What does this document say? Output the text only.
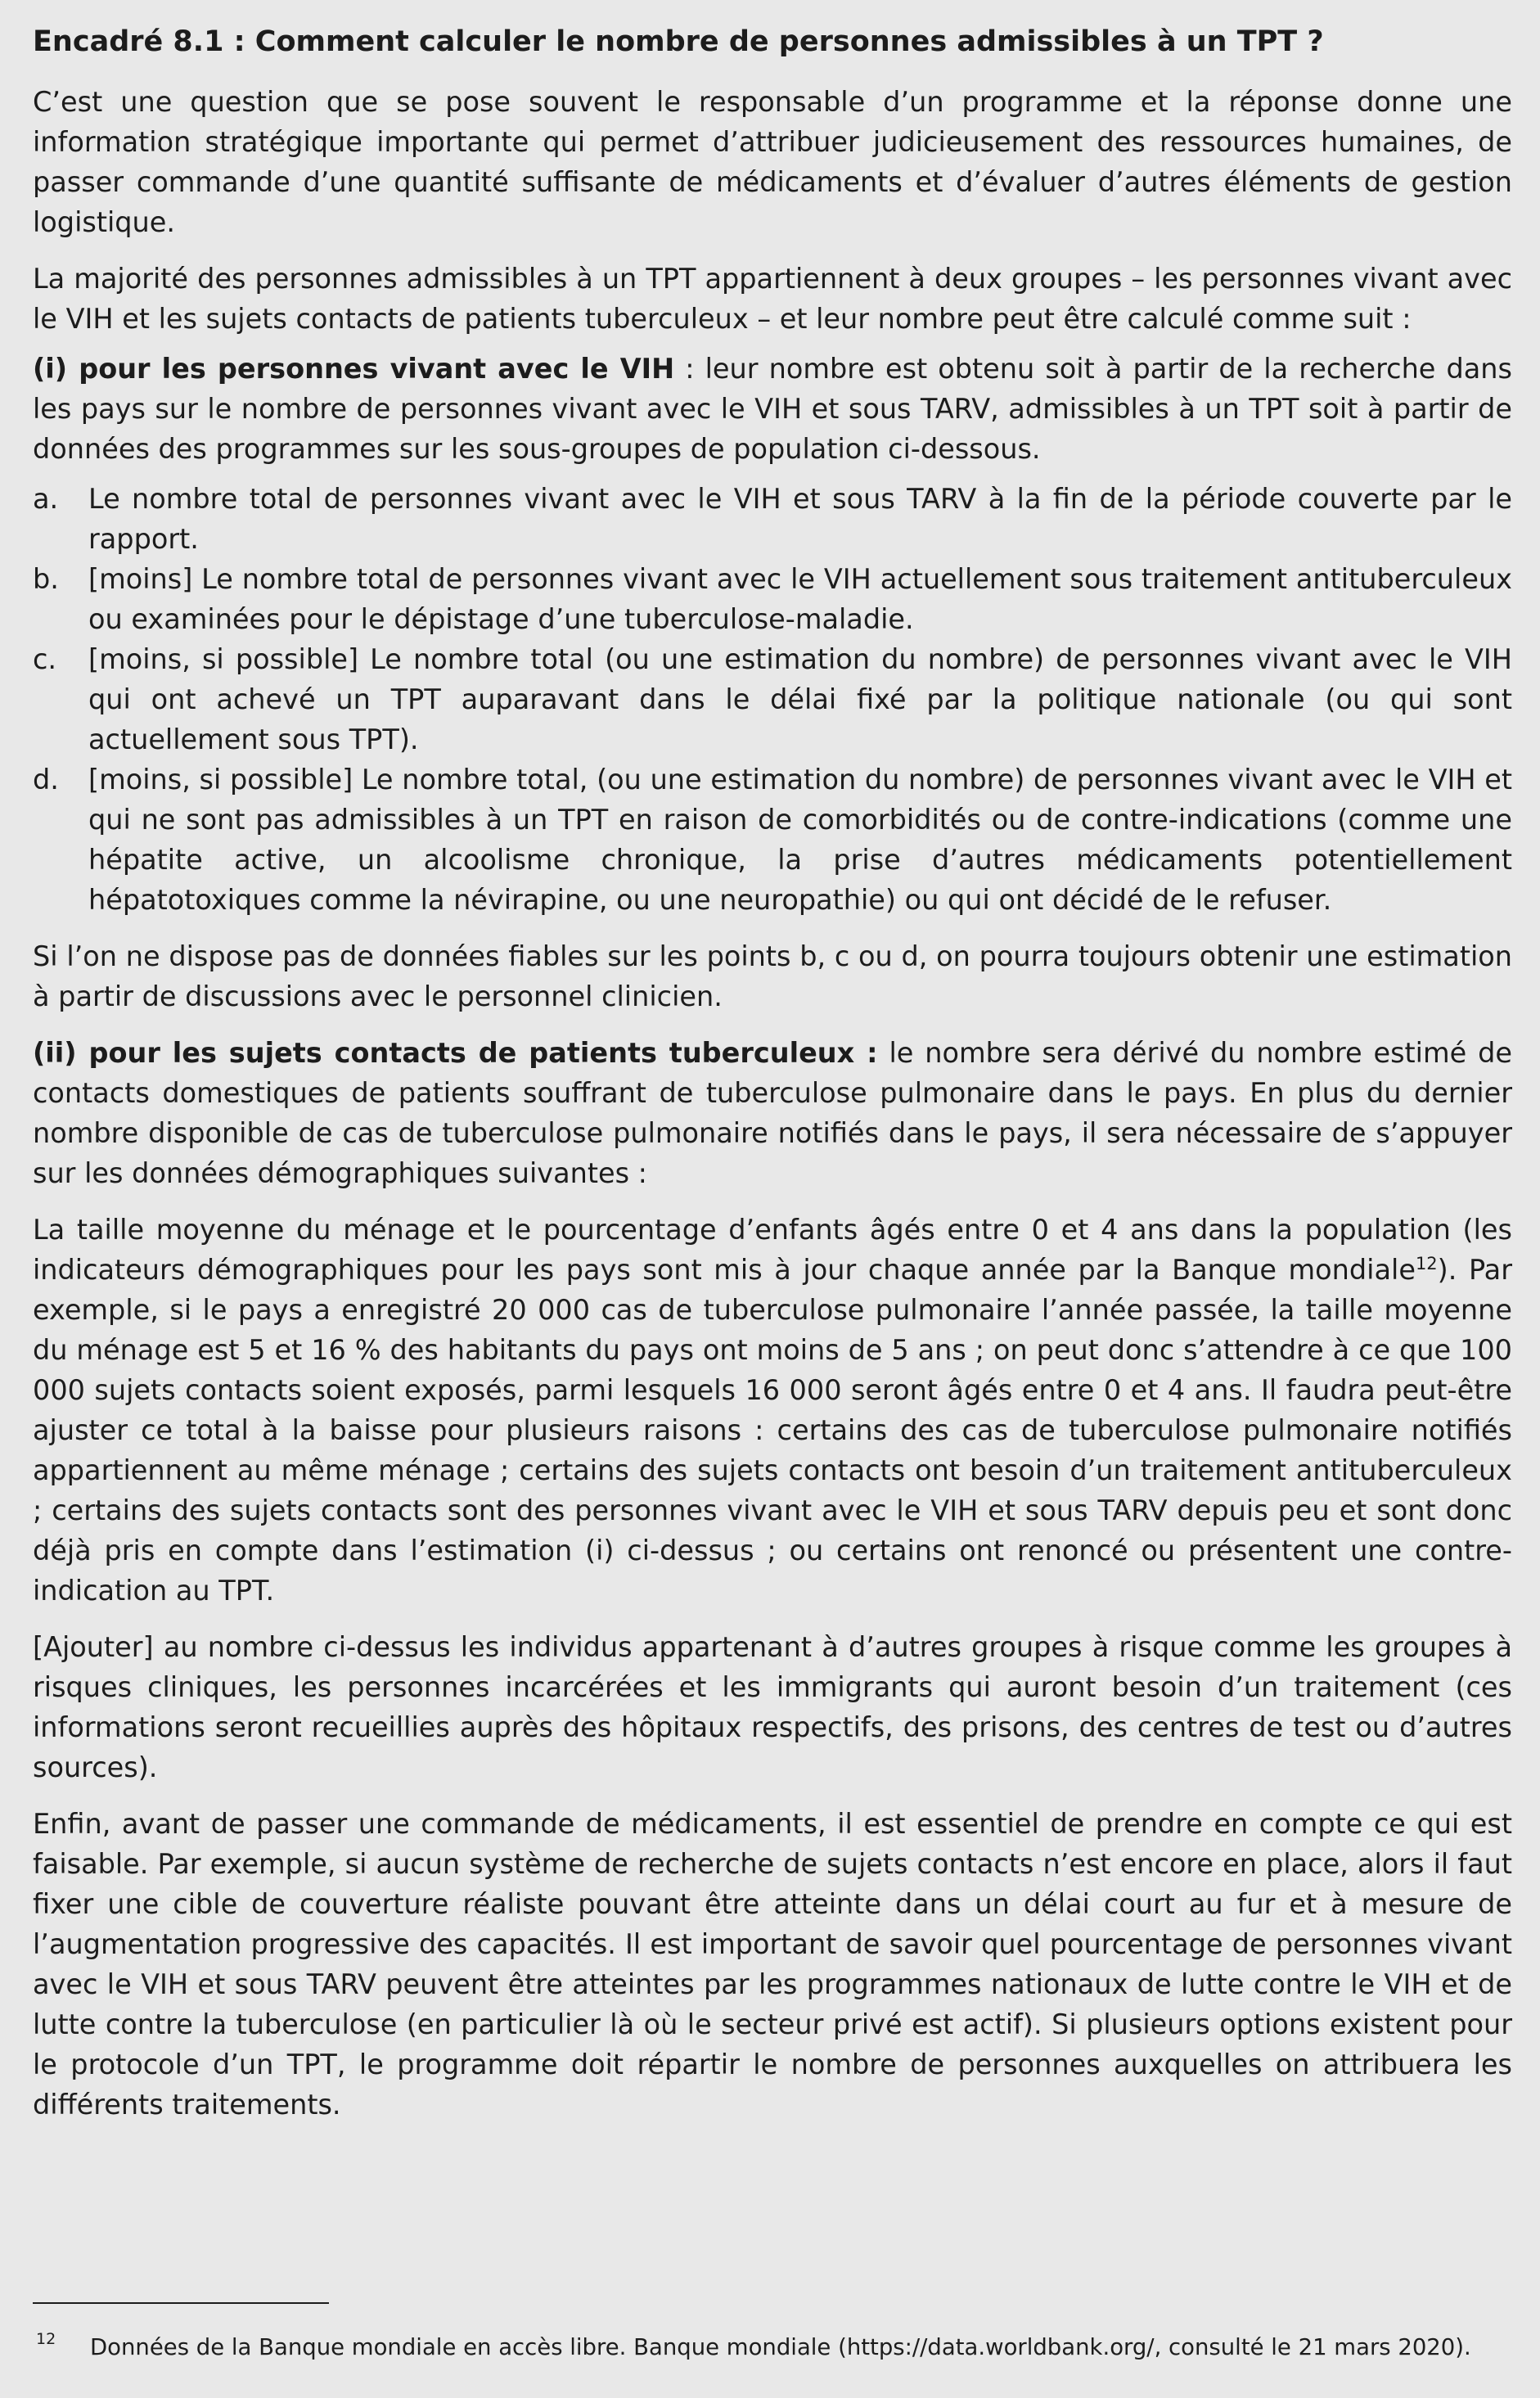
Encadré 8.1 : Comment calculer le nombre de personnes admissibles à un TPT ?

C’est une question que se pose souvent le responsable d’un programme et la réponse donne une information stratégique importante qui permet d’attribuer judicieusement des ressources humaines, de passer commande d’une quantité suffisante de médicaments et d’évaluer d’autres éléments de gestion logistique.

La majorité des personnes admissibles à un TPT appartiennent à deux groupes – les personnes vivant avec le VIH et les sujets contacts de patients tuberculeux – et leur nombre peut être calculé comme suit :

(i) pour les personnes vivant avec le VIH : leur nombre est obtenu soit à partir de la recherche dans les pays sur le nombre de personnes vivant avec le VIH et sous TARV, admissibles à un TPT soit à partir de données des programmes sur les sous-groupes de population ci-dessous.

a.	Le nombre total de personnes vivant avec le VIH et sous TARV à la fin de la période couverte par le rapport.
b.	[moins] Le nombre total de personnes vivant avec le VIH actuellement sous traitement antituberculeux ou examinées pour le dépistage d’une tuberculose-maladie.
c.	[moins, si possible] Le nombre total (ou une estimation du nombre) de personnes vivant avec le VIH qui ont achevé un TPT auparavant dans le délai fixé par la politique nationale (ou qui sont actuellement sous TPT).
d.	[moins, si possible] Le nombre total, (ou une estimation du nombre) de personnes vivant avec le VIH et qui ne sont pas admissibles à un TPT en raison de comorbidités ou de contre-indications (comme une hépatite active, un alcoolisme chronique, la prise d’autres médicaments potentiellement hépatotoxiques comme la névirapine, ou une neuropathie) ou qui ont décidé de le refuser.

Si l’on ne dispose pas de données fiables sur les points b, c ou d, on pourra toujours obtenir une estimation à partir de discussions avec le personnel clinicien.

(ii) pour les sujets contacts de patients tuberculeux : le nombre sera dérivé du nombre estimé de contacts domestiques de patients souffrant de tuberculose pulmonaire dans le pays. En plus du dernier nombre disponible de cas de tuberculose pulmonaire notifiés dans le pays, il sera nécessaire de s’appuyer sur les données démographiques suivantes :

La taille moyenne du ménage et le pourcentage d’enfants âgés entre 0 et 4 ans dans la population (les indicateurs démographiques pour les pays sont mis à jour chaque année par la Banque mondiale$^{12}$). Par exemple, si le pays a enregistré 20 000 cas de tuberculose pulmonaire l’année passée, la taille moyenne du ménage est 5 et 16 % des habitants du pays ont moins de 5 ans ; on peut donc s’attendre à ce que 100 000 sujets contacts soient exposés, parmi lesquels 16 000 seront âgés entre 0 et 4 ans. Il faudra peut-être ajuster ce total à la baisse pour plusieurs raisons : certains des cas de tuberculose pulmonaire notifiés appartiennent au même ménage ; certains des sujets contacts ont besoin d’un traitement antituberculeux ; certains des sujets contacts sont des personnes vivant avec le VIH et sous TARV depuis peu et sont donc déjà pris en compte dans l’estimation (i) ci-dessus ; ou certains ont renoncé ou présentent une contre-indication au TPT.

[Ajouter] au nombre ci-dessus les individus appartenant à d’autres groupes à risque comme les groupes à risques cliniques, les personnes incarcérées et les immigrants qui auront besoin d’un traitement (ces informations seront recueillies auprès des hôpitaux respectifs, des prisons, des centres de test ou d’autres sources).

Enfin, avant de passer une commande de médicaments, il est essentiel de prendre en compte ce qui est faisable. Par exemple, si aucun système de recherche de sujets contacts n’est encore en place, alors il faut fixer une cible de couverture réaliste pouvant être atteinte dans un délai court au fur et à mesure de l’augmentation progressive des capacités. Il est important de savoir quel pourcentage de personnes vivant avec le VIH et sous TARV peuvent être atteintes par les programmes nationaux de lutte contre le VIH et de lutte contre la tuberculose (en particulier là où le secteur privé est actif). Si plusieurs options existent pour le protocole d’un TPT, le programme doit répartir le nombre de personnes auxquelles on attribuera les différents traitements.

12	Données de la Banque mondiale en accès libre. Banque mondiale (https://data.worldbank.org/, consulté le 21 mars 2020).
